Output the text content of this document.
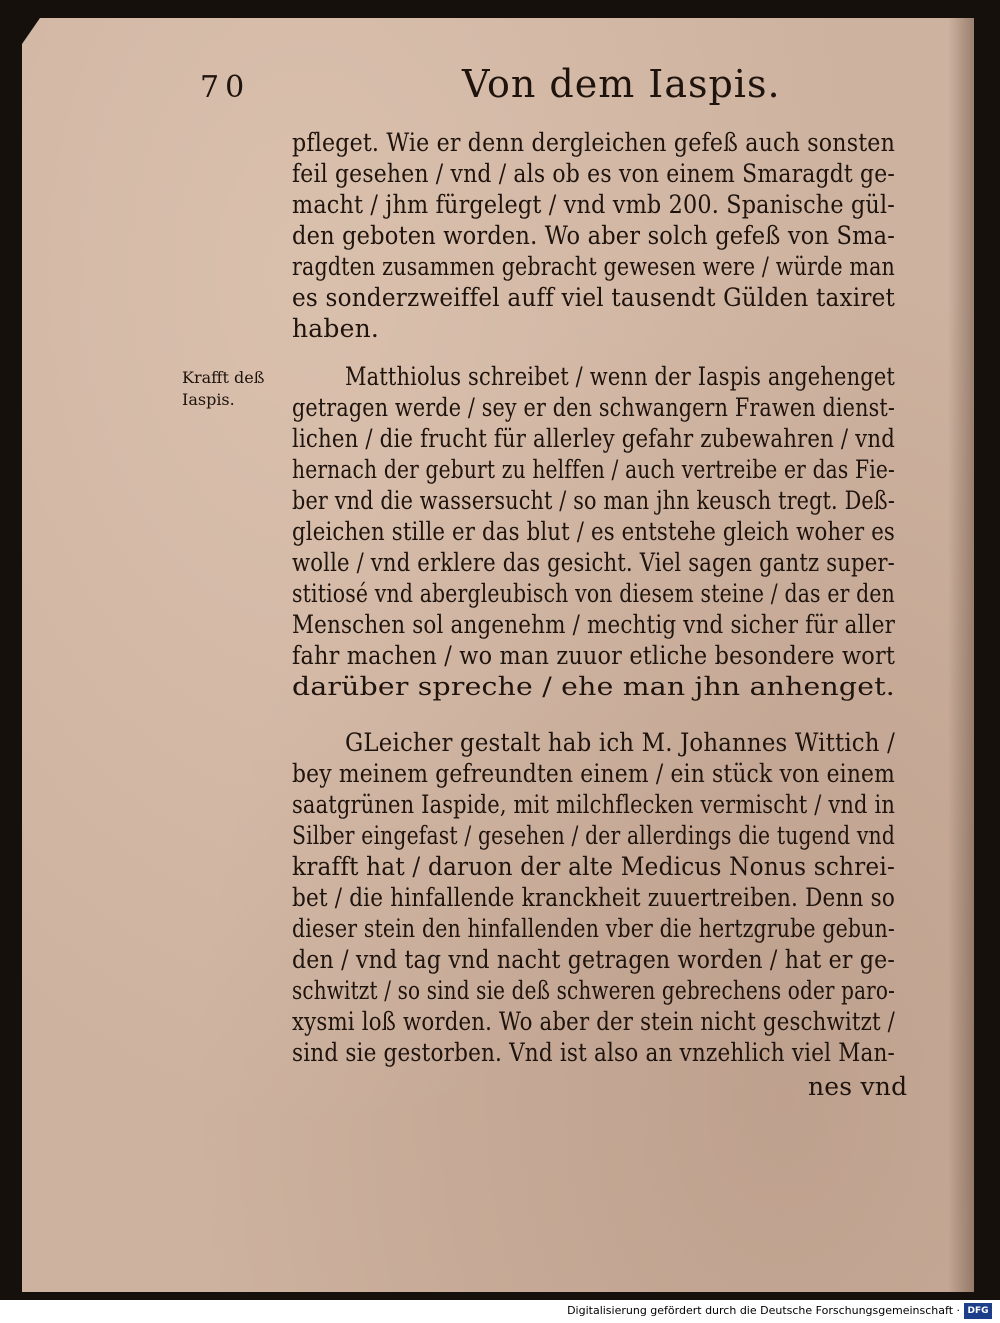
70	Von dem Iaspis.
Krafft deß
Iaspis.
pfleget. Wie er denn dergleichen gefeß auch sonsten
feil gesehen / vnd / als ob es von einem Smaragdt ge-
macht / jhm fürgelegt / vnd vmb 200. Spanische gül-
den geboten worden. Wo aber solch gefeß von Sma-
ragdten zusammen gebracht gewesen were / würde man
es sonderzweiffel auff viel tausendt Gülden taxiret
haben.
Matthiolus schreibet / wenn der Iaspis angehenget
getragen werde / sey er den schwangern Frawen dienst-
lichen / die frucht für allerley gefahr zubewahren / vnd
hernach der geburt zu helffen / auch vertreibe er das Fie-
ber vnd die wassersucht / so man jhn keusch tregt. Deß-
gleichen stille er das blut / es entstehe gleich woher es
wolle / vnd erklere das gesicht. Viel sagen gantz super-
stitiosé vnd abergleubisch von diesem steine / das er den
Menschen sol angenehm / mechtig vnd sicher für aller
fahr machen / wo man zuuor etliche besondere wort
darüber spreche / ehe man jhn anhenget.
GLeicher gestalt hab ich M. Johannes Wittich /
bey meinem gefreundten einem / ein stück von einem
saatgrünen Iaspide, mit milchflecken vermischt / vnd in
Silber eingefast / gesehen / der allerdings die tugend vnd
krafft hat / daruon der alte Medicus Nonus schrei-
bet / die hinfallende kranckheit zuuertreiben. Denn so
dieser stein den hinfallenden vber die hertzgrube gebun-
den / vnd tag vnd nacht getragen worden / hat er ge-
schwitzt / so sind sie deß schweren gebrechens oder paro-
xysmi loß worden. Wo aber der stein nicht geschwitzt /
sind sie gestorben. Vnd ist also an vnzehlich viel Man-
nes vnd
Digitalisierung gefördert durch die Deutsche Forschungsgemeinschaft · DFG
